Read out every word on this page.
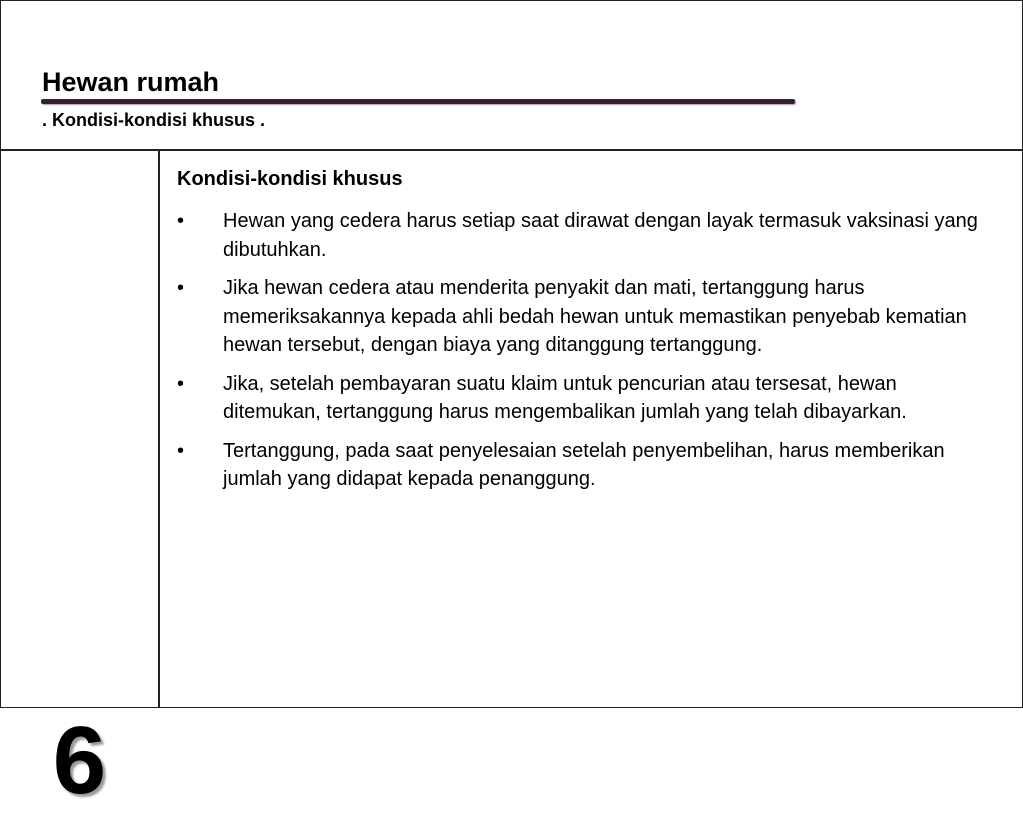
Hewan rumah
. Kondisi-kondisi khusus .
6
Kondisi-kondisi khusus
• Hewan yang cedera harus setiap saat dirawat dengan layak termasuk vaksinasi yang dibutuhkan.
• Jika hewan cedera atau menderita penyakit dan mati, tertanggung harus memeriksakannya kepada ahli bedah hewan untuk memastikan penyebab kematian hewan tersebut, dengan biaya yang ditanggung tertanggung.
• Jika, setelah pembayaran suatu klaim untuk pencurian atau tersesat, hewan ditemukan, tertanggung harus mengembalikan jumlah yang telah dibayarkan.
• Tertanggung, pada saat penyelesaian setelah penyembelihan, harus memberikan jumlah yang didapat kepada penanggung.
